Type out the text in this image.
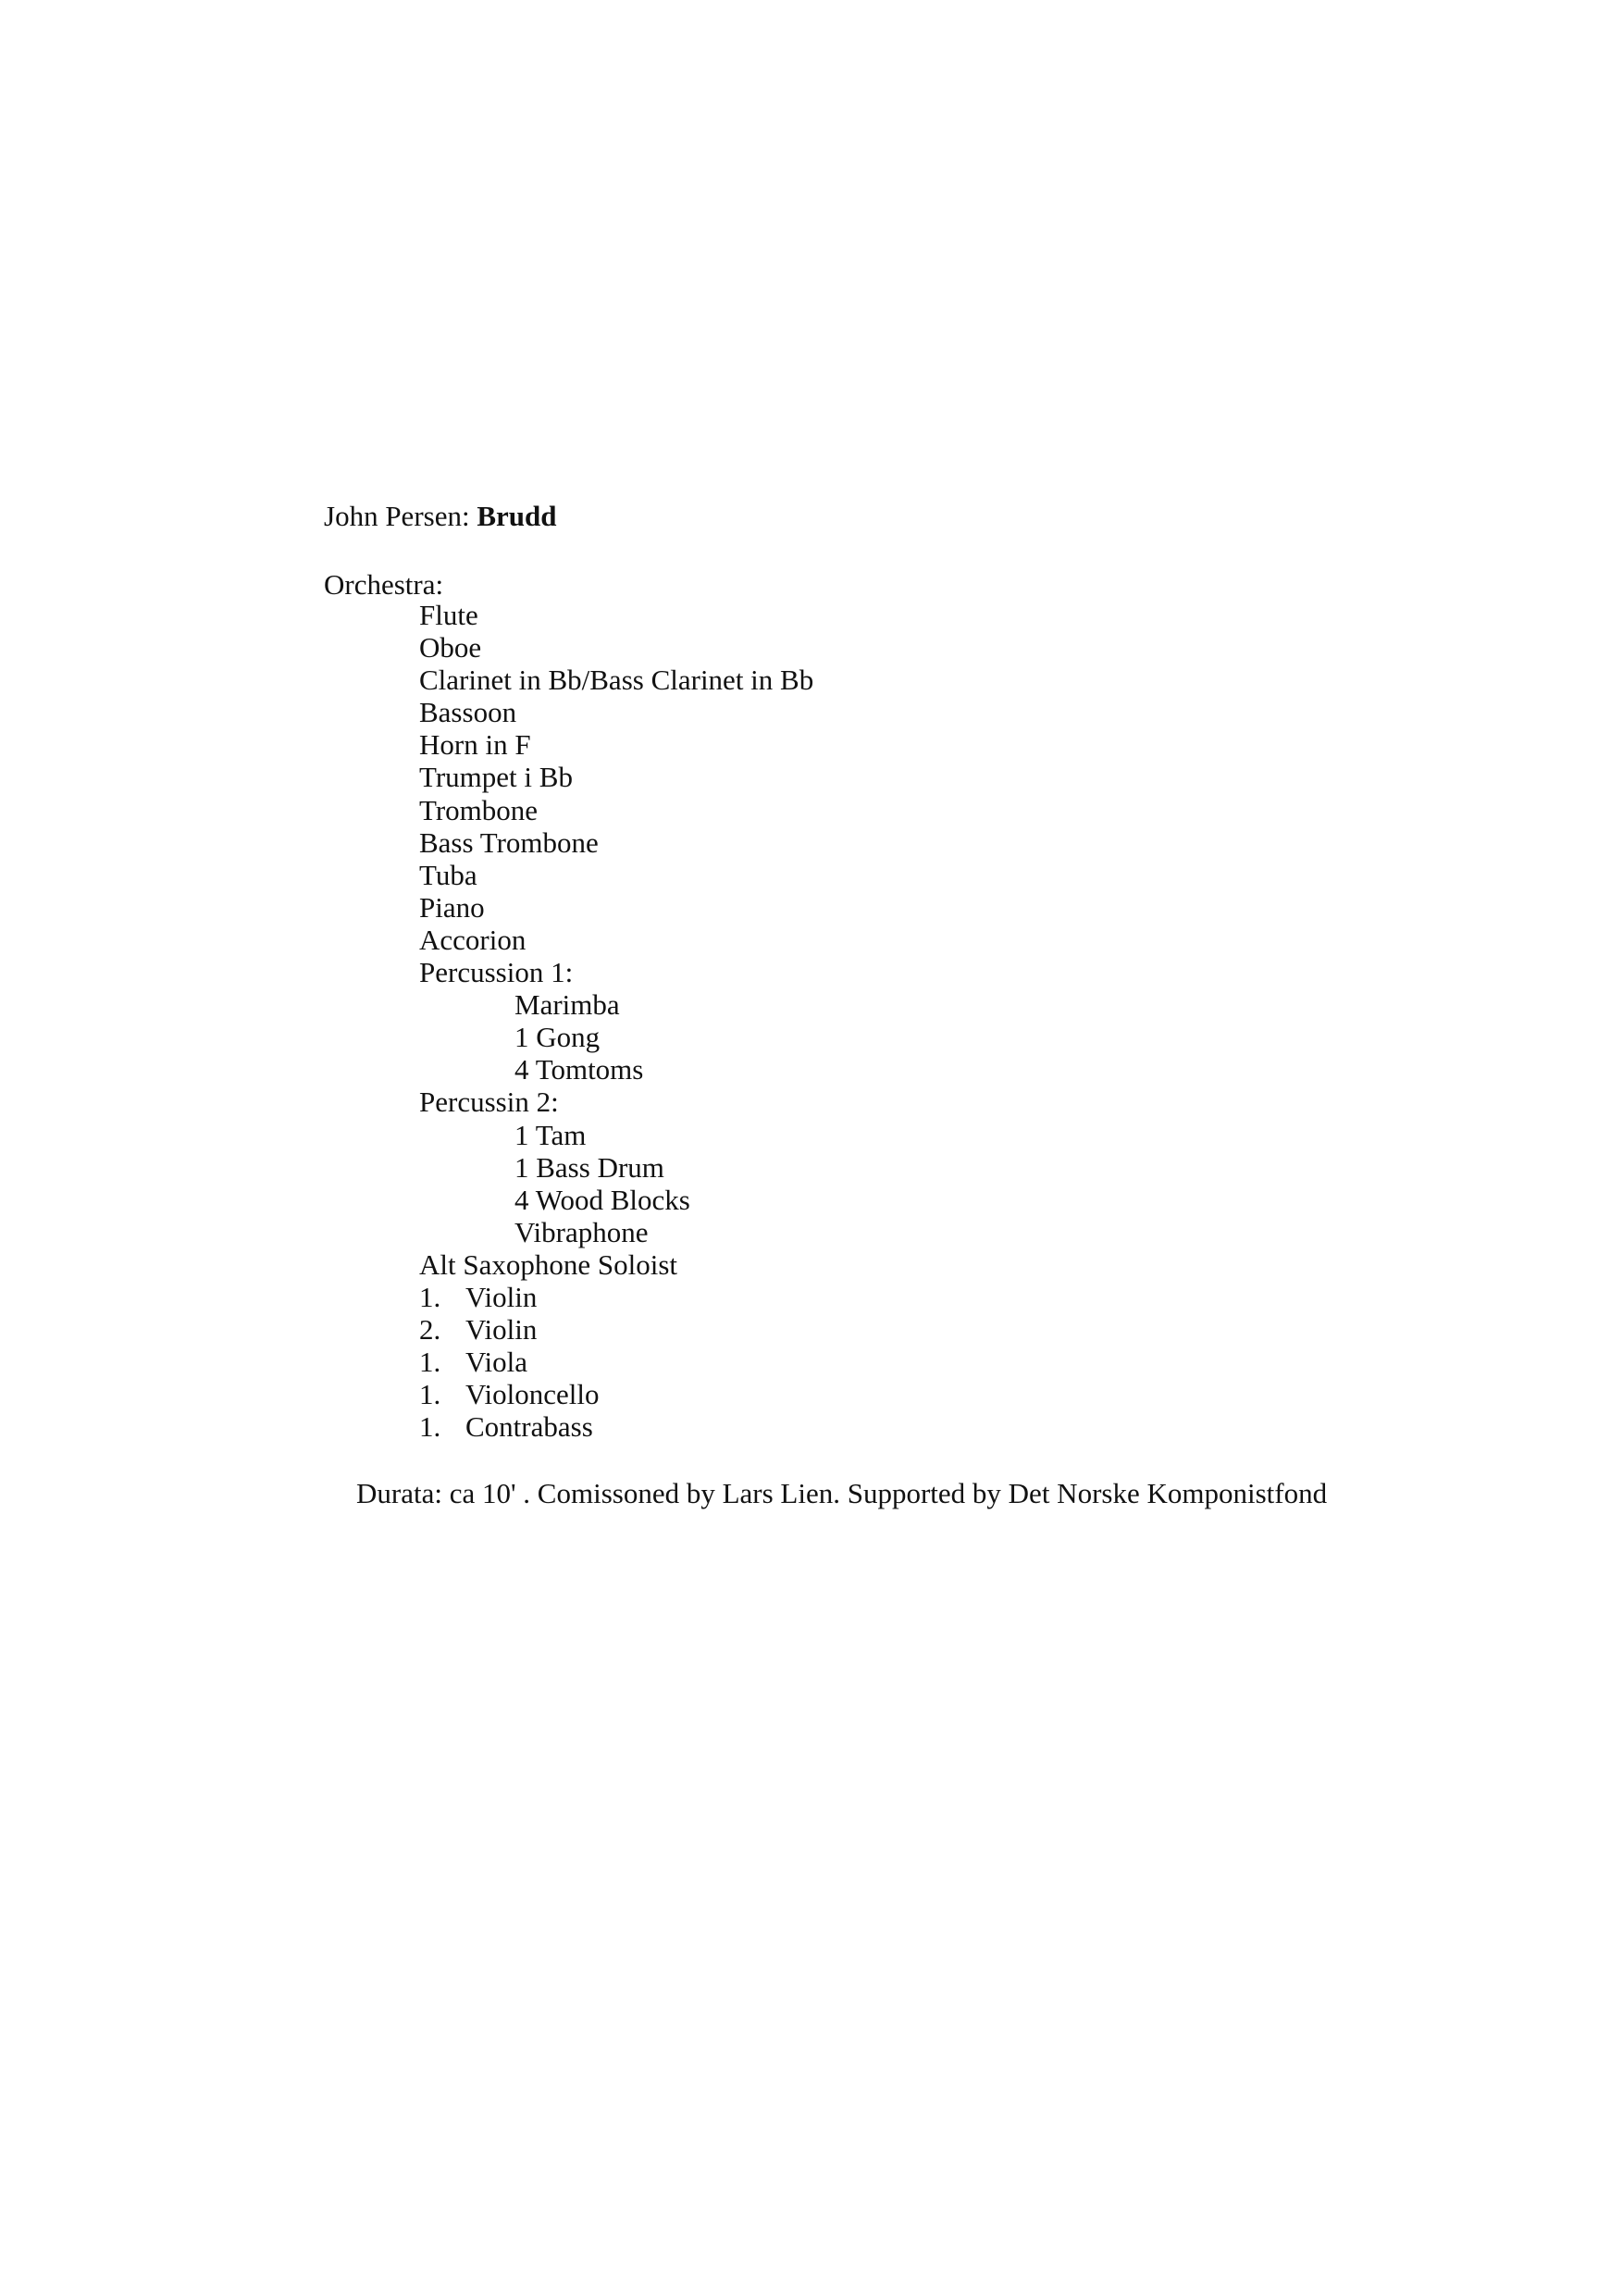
John Persen: Brudd
Orchestra:
Flute
Oboe
Clarinet in Bb/Bass Clarinet in Bb
Bassoon
Horn in F
Trumpet i Bb
Trombone
Bass Trombone
Tuba
Piano
Accorion
Percussion 1:
Marimba
1 Gong
4 Tomtoms
Percussin 2:
1 Tam
1 Bass Drum
4 Wood Blocks
Vibraphone
Alt Saxophone Soloist
1. Violin
2. Violin
1. Viola
1. Violoncello
1. Contrabass
Durata: ca 10' . Comissoned by Lars Lien. Supported by Det Norske Komponistfond
